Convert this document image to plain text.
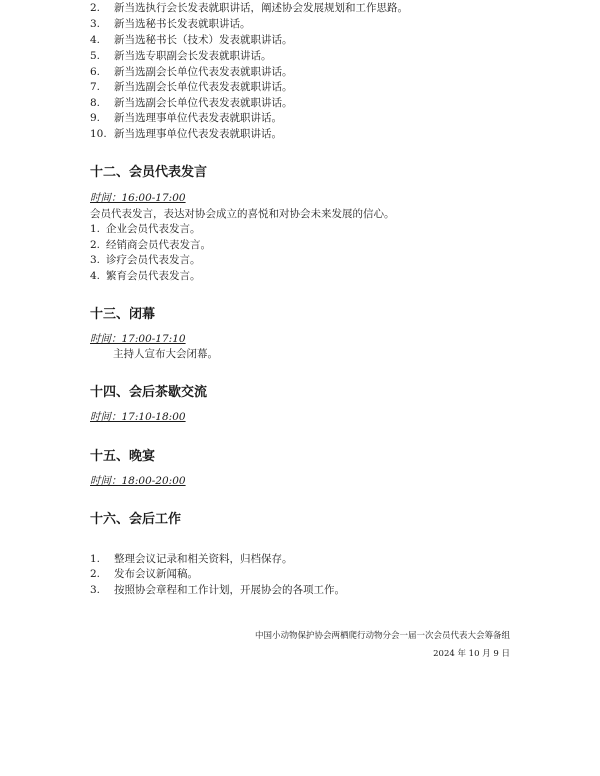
2. 新当选执行会长发表就职讲话，阐述协会发展规划和工作思路。
3. 新当选秘书长发表就职讲话。
4. 新当选秘书长（技术）发表就职讲话。
5. 新当选专职副会长发表就职讲话。
6. 新当选副会长单位代表发表就职讲话。
7. 新当选副会长单位代表发表就职讲话。
8. 新当选副会长单位代表发表就职讲话。
9. 新当选理事单位代表发表就职讲话。
10. 新当选理事单位代表发表就职讲话。
十二、会员代表发言
时间：16:00-17:00
会员代表发言，表达对协会成立的喜悦和对协会未来发展的信心。
1. 企业会员代表发言。
2. 经销商会员代表发言。
3. 诊疗会员代表发言。
4. 繁育会员代表发言。
十三、闭幕
时间：17:00-17:10
主持人宣布大会闭幕。
十四、会后茶歇交流
时间：17:10-18:00
十五、晚宴
时间：18:00-20:00
十六、会后工作
1. 整理会议记录和相关资料，归档保存。
2. 发布会议新闻稿。
3. 按照协会章程和工作计划，开展协会的各项工作。
中国小动物保护协会两栖爬行动物分会一届一次会员代表大会筹备组
2024 年 10 月 9 日
